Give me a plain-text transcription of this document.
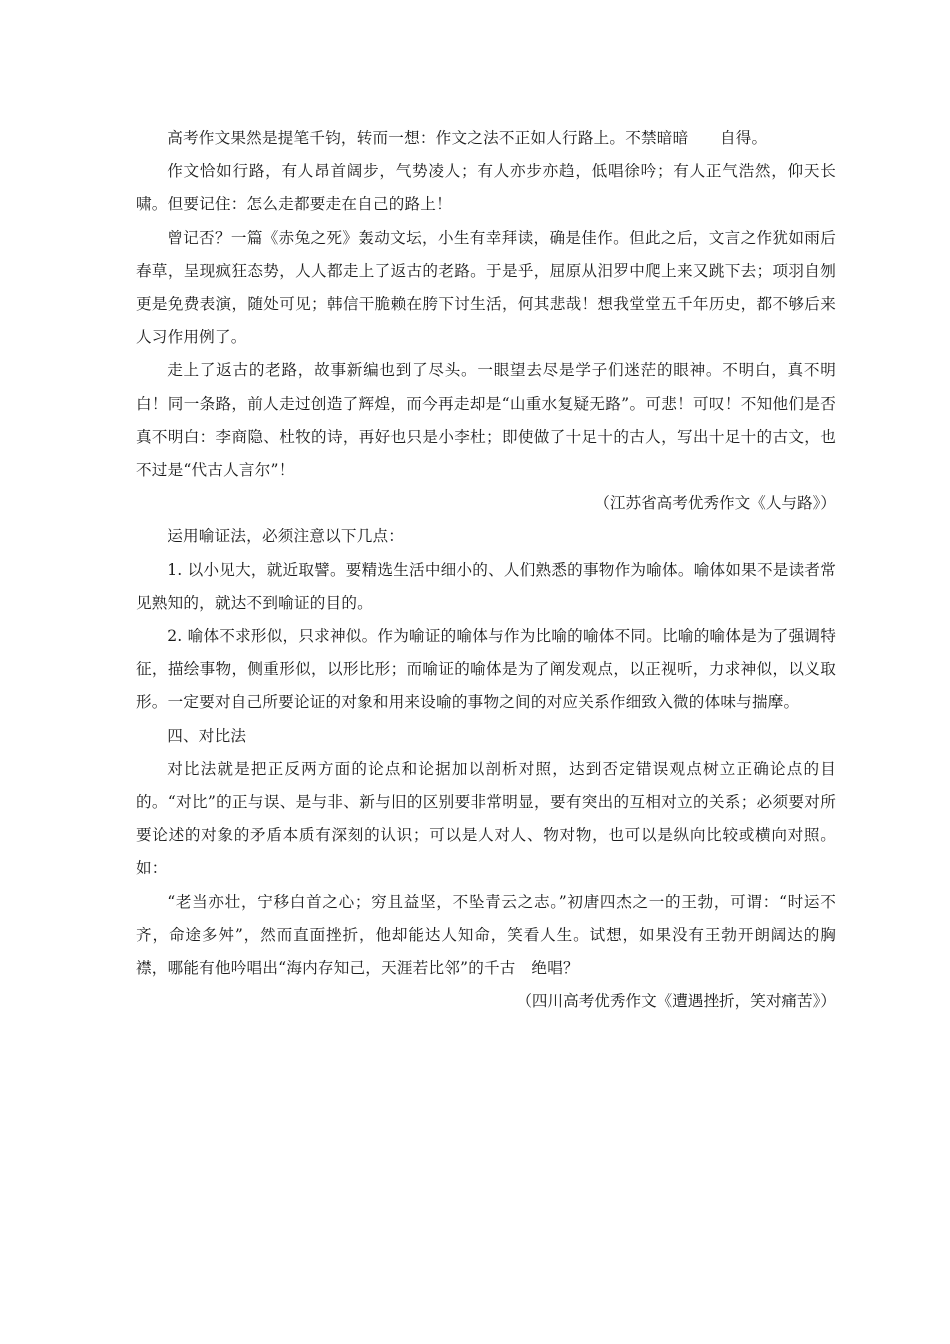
高考作文果然是提笔千钧，转而一想：作文之法不正如人行路上。不禁暗暗　　自得。

作文恰如行路，有人昂首阔步，气势凌人；有人亦步亦趋，低唱徐吟；有人正气浩然，仰天长啸。但要记住：怎么走都要走在自己的路上！

曾记否？一篇《赤兔之死》轰动文坛，小生有幸拜读，确是佳作。但此之后，文言之作犹如雨后春草，呈现疯狂态势，人人都走上了返古的老路。于是乎，屈原从汨罗中爬上来又跳下去；项羽自刎更是免费表演，随处可见；韩信干脆赖在胯下讨生活，何其悲哉！想我堂堂五千年历史，都不够后来人习作用例了。

走上了返古的老路，故事新编也到了尽头。一眼望去尽是学子们迷茫的眼神。不明白，真不明白！同一条路，前人走过创造了辉煌，而今再走却是“山重水复疑无路”。可悲！可叹！不知他们是否真不明白：李商隐、杜牧的诗，再好也只是小李杜；即使做了十足十的古人，写出十足十的古文，也不过是“代古人言尔”！

（江苏省高考优秀作文《人与路》）

运用喻证法，必须注意以下几点：

1. 以小见大，就近取譬。要精选生活中细小的、人们熟悉的事物作为喻体。喻体如果不是读者常见熟知的，就达不到喻证的目的。

2. 喻体不求形似，只求神似。作为喻证的喻体与作为比喻的喻体不同。比喻的喻体是为了强调特征，描绘事物，侧重形似，以形比形；而喻证的喻体是为了阐发观点，以正视听，力求神似，以义取形。一定要对自己所要论证的对象和用来设喻的事物之间的对应关系作细致入微的体味与揣摩。

四、对比法

对比法就是把正反两方面的论点和论据加以剖析对照，达到否定错误观点树立正确论点的目的。“对比”的正与误、是与非、新与旧的区别要非常明显，要有突出的互相对立的关系；必须要对所要论述的对象的矛盾本质有深刻的认识；可以是人对人、物对物，也可以是纵向比较或横向对照。如：

“老当亦壮，宁移白首之心；穷且益坚，不坠青云之志。”初唐四杰之一的王勃，可谓：“时运不齐，命途多舛”，然而直面挫折，他却能达人知命，笑看人生。试想，如果没有王勃开朗阔达的胸襟，哪能有他吟唱出“海内存知己，天涯若比邻”的千古　绝唱？

（四川高考优秀作文《遭遇挫折，笑对痛苦》）
